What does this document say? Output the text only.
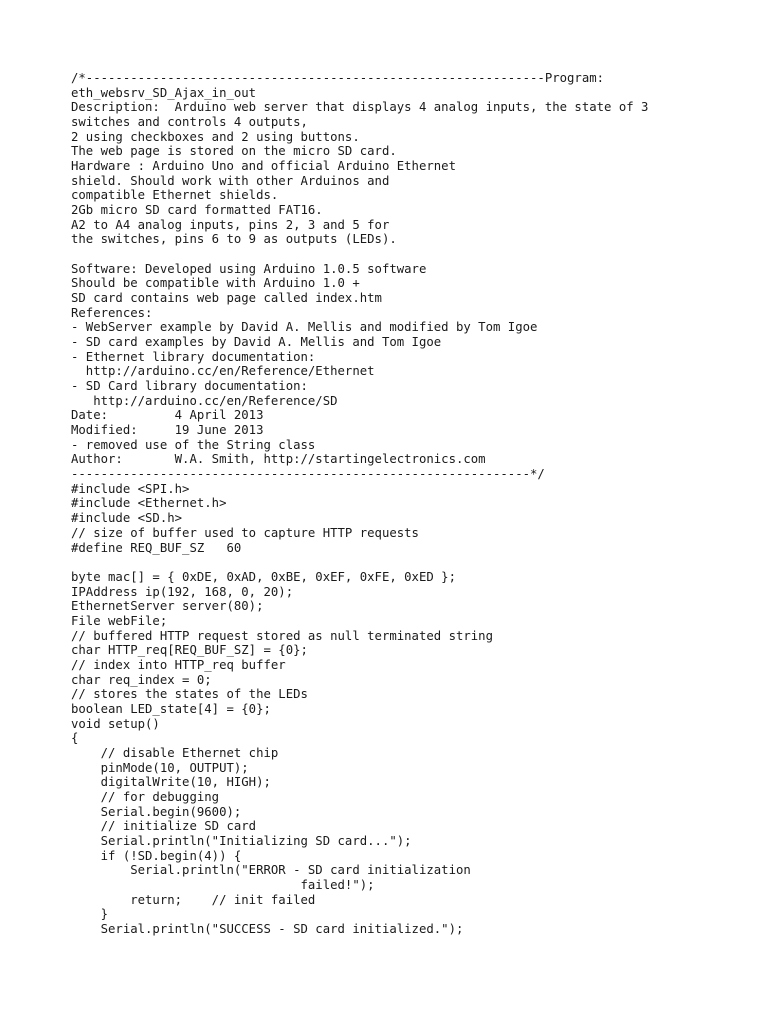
/*--------------------------------------------------------------Program:
eth_websrv_SD_Ajax_in_out
Description:  Arduino web server that displays 4 analog inputs, the state of 3
switches and controls 4 outputs,
2 using checkboxes and 2 using buttons.
The web page is stored on the micro SD card.
Hardware : Arduino Uno and official Arduino Ethernet
shield. Should work with other Arduinos and
compatible Ethernet shields.
2Gb micro SD card formatted FAT16.
A2 to A4 analog inputs, pins 2, 3 and 5 for
the switches, pins 6 to 9 as outputs (LEDs).
Software: Developed using Arduino 1.0.5 software
Should be compatible with Arduino 1.0 +
SD card contains web page called index.htm
References:
- WebServer example by David A. Mellis and modified by Tom Igoe
- SD card examples by David A. Mellis and Tom Igoe
- Ethernet library documentation:
http://arduino.cc/en/Reference/Ethernet
- SD Card library documentation:
http://arduino.cc/en/Reference/SD
Date:         4 April 2013
Modified:     19 June 2013
- removed use of the String class
Author:       W.A. Smith, http://startingelectronics.com
--------------------------------------------------------------*/
#include <SPI.h>
#include <Ethernet.h>
#include <SD.h>
// size of buffer used to capture HTTP requests
#define REQ_BUF_SZ   60
byte mac[] = { 0xDE, 0xAD, 0xBE, 0xEF, 0xFE, 0xED };
IPAddress ip(192, 168, 0, 20);
EthernetServer server(80);
File webFile;
// buffered HTTP request stored as null terminated string
char HTTP_req[REQ_BUF_SZ] = {0};
// index into HTTP_req buffer
char req_index = 0;
// stores the states of the LEDs
boolean LED_state[4] = {0};
void setup()
{
// disable Ethernet chip
pinMode(10, OUTPUT);
digitalWrite(10, HIGH);
// for debugging
Serial.begin(9600);
// initialize SD card
Serial.println("Initializing SD card...");
if (!SD.begin(4)) {
Serial.println("ERROR - SD card initialization
failed!");
return;    // init failed
}
Serial.println("SUCCESS - SD card initialized.");
